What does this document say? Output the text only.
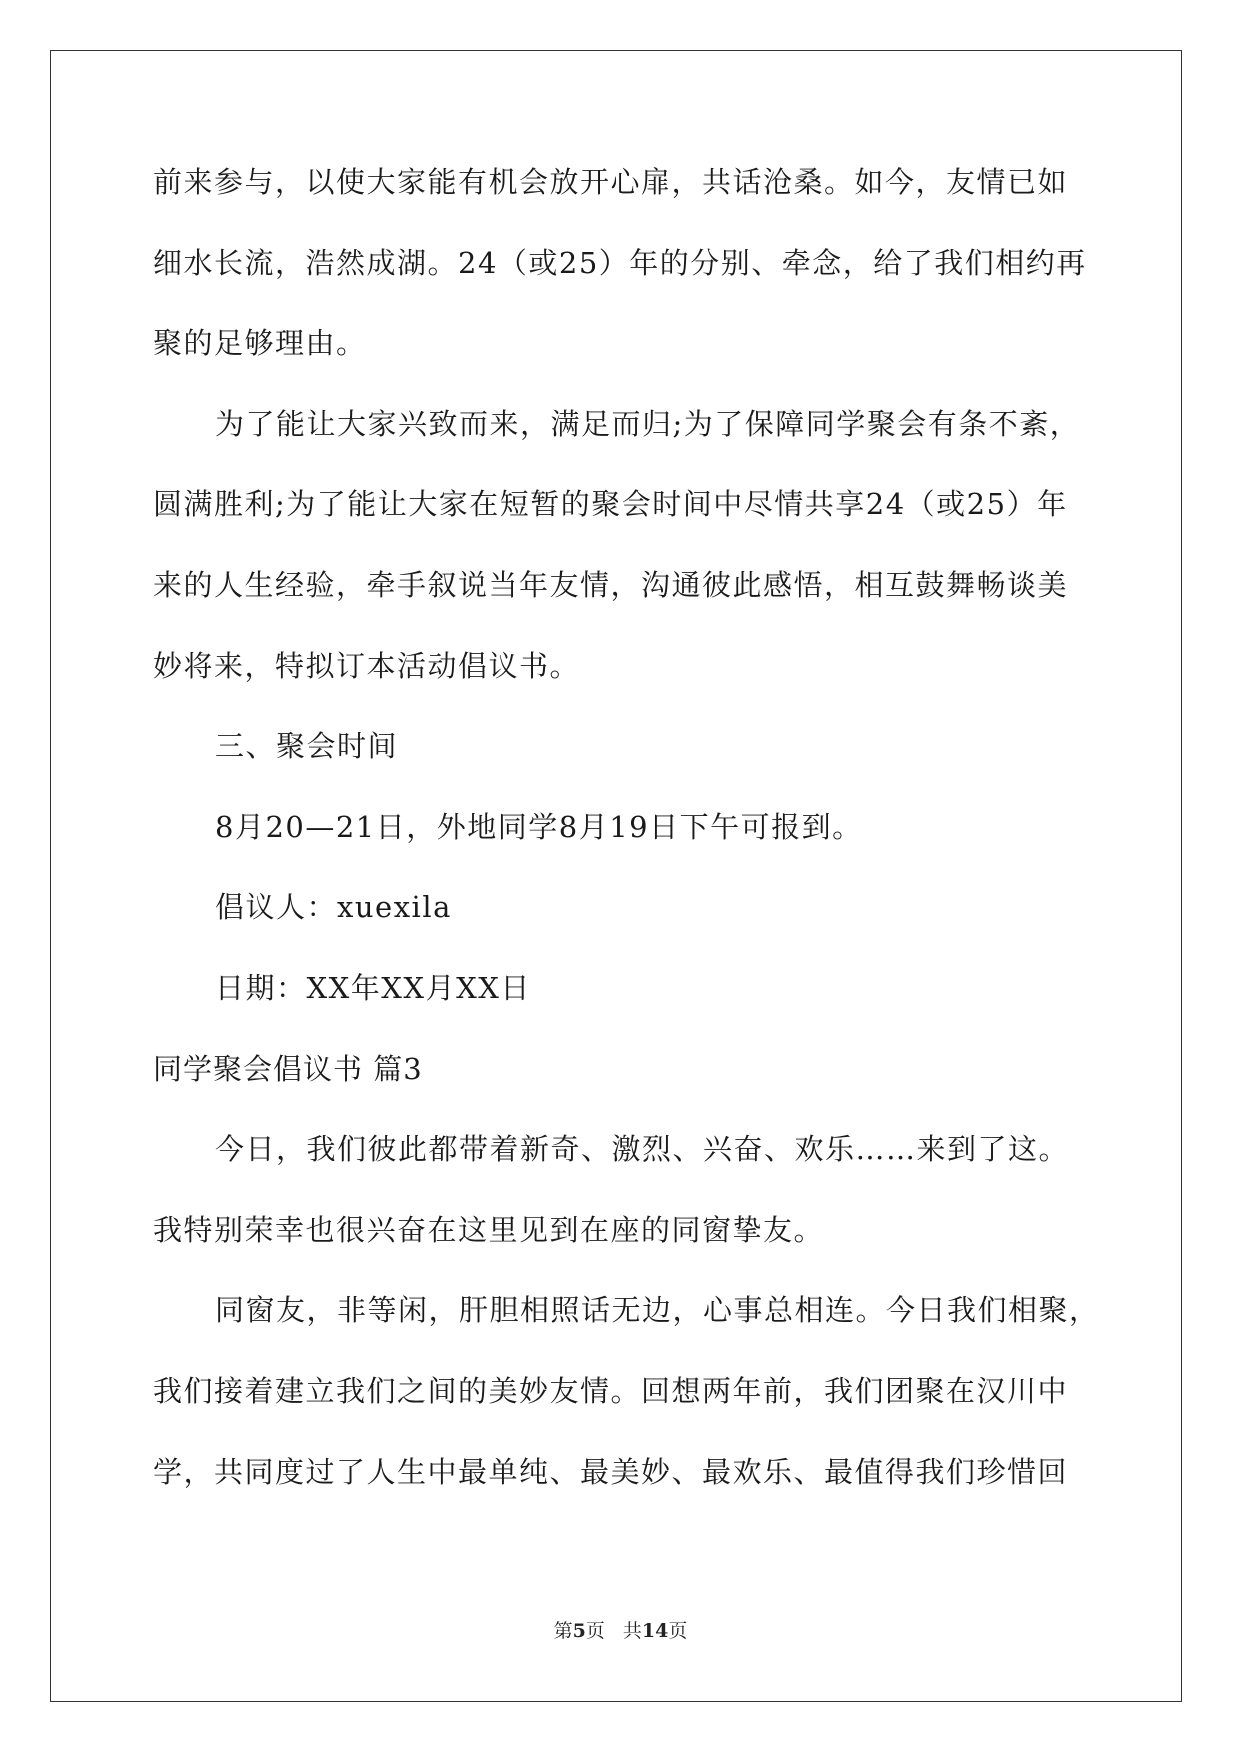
前来参与，以使大家能有机会放开心扉，共话沧桑。如今，友情已如
细水长流，浩然成湖。24（或25）年的分别、牵念，给了我们相约再
聚的足够理由。
为了能让大家兴致而来，满足而归;为了保障同学聚会有条不紊，
圆满胜利;为了能让大家在短暂的聚会时间中尽情共享24（或25）年
来的人生经验，牵手叙说当年友情，沟通彼此感悟，相互鼓舞畅谈美
妙将来，特拟订本活动倡议书。
三、聚会时间
8月20—21日，外地同学8月19日下午可报到。
倡议人：xuexila
日期：XX年XX月XX日
同学聚会倡议书 篇3
今日，我们彼此都带着新奇、激烈、兴奋、欢乐……来到了这。
我特别荣幸也很兴奋在这里见到在座的同窗挚友。
同窗友，非等闲，肝胆相照话无边，心事总相连。今日我们相聚，
我们接着建立我们之间的美妙友情。回想两年前，我们团聚在汉川中
学，共同度过了人生中最单纯、最美妙、最欢乐、最值得我们珍惜回
第5页 共14页
